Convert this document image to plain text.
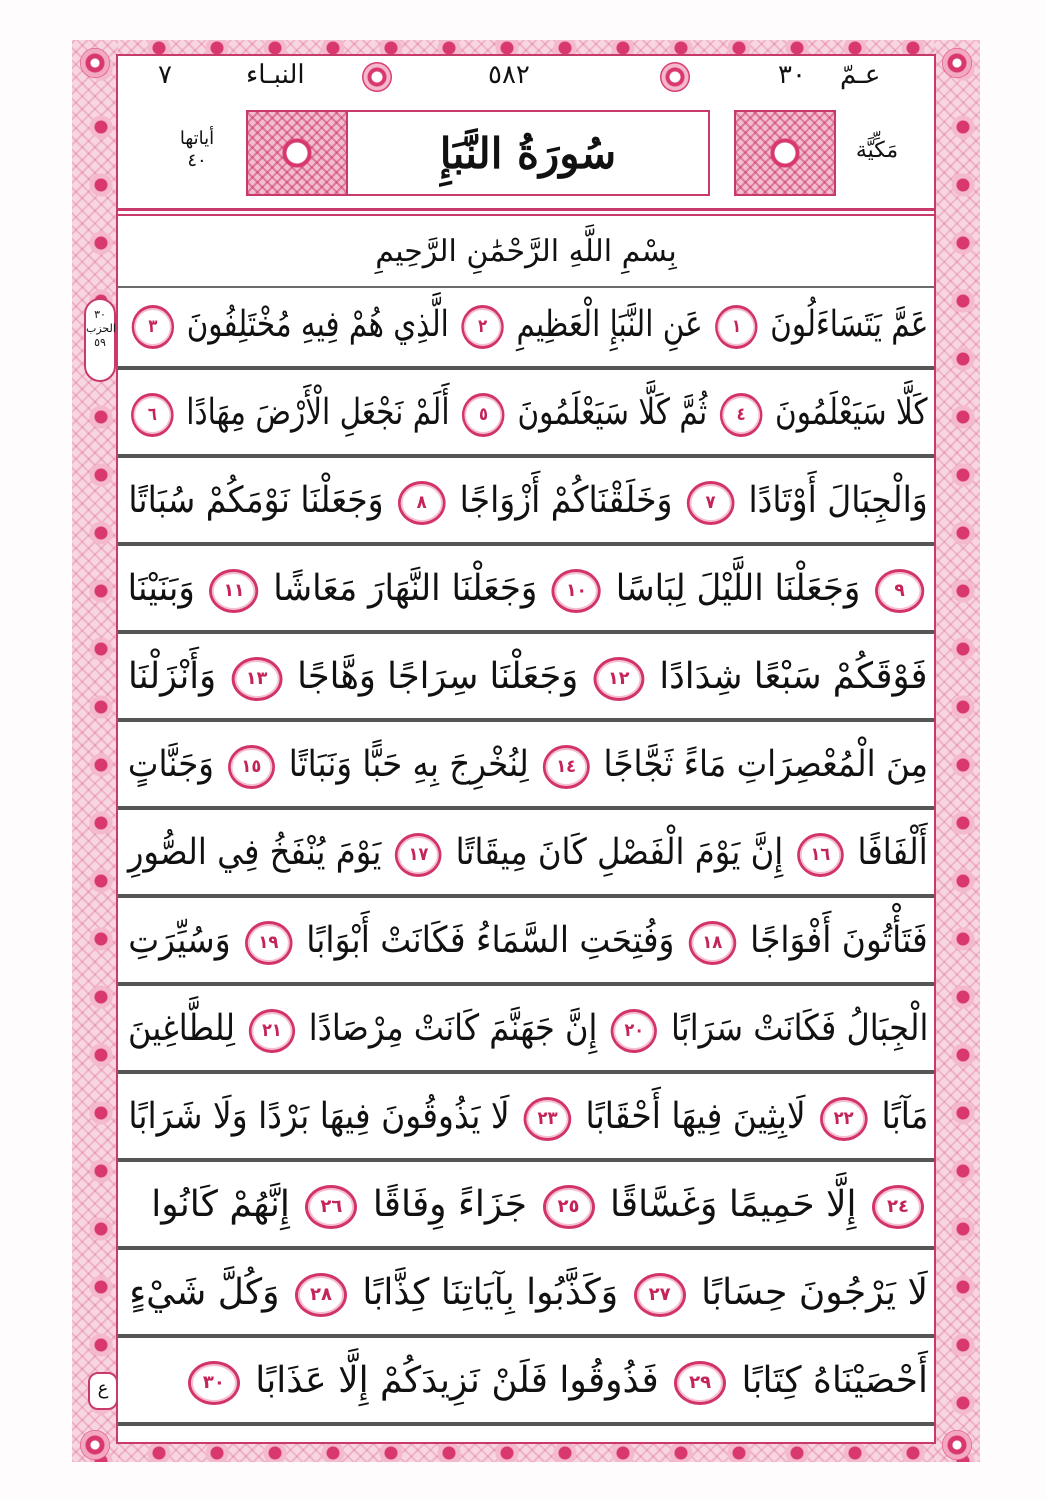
٧	النبـاء	٥٨٢	٣٠ عـمّ
أياتها
٤٠	سُورَةُ النَّبَإِ	مَكِّيَّة
بِسْمِ اللَّهِ الرَّحْمَٰنِ الرَّحِيمِ
عَمَّ يَتَسَاءَلُونَ ١ عَنِ النَّبَإِ الْعَظِيمِ ٢ الَّذِي هُمْ فِيهِ مُخْتَلِفُونَ ٣
كَلَّا سَيَعْلَمُونَ ٤ ثُمَّ كَلَّا سَيَعْلَمُونَ ٥ أَلَمْ نَجْعَلِ الْأَرْضَ مِهَادًا ٦
وَالْجِبَالَ أَوْتَادًا ٧ وَخَلَقْنَاكُمْ أَزْوَاجًا ٨ وَجَعَلْنَا نَوْمَكُمْ سُبَاتًا
٩ وَجَعَلْنَا اللَّيْلَ لِبَاسًا ١٠ وَجَعَلْنَا النَّهَارَ مَعَاشًا ١١ وَبَنَيْنَا
فَوْقَكُمْ سَبْعًا شِدَادًا ١٢ وَجَعَلْنَا سِرَاجًا وَهَّاجًا ١٣ وَأَنْزَلْنَا
مِنَ الْمُعْصِرَاتِ مَاءً ثَجَّاجًا ١٤ لِنُخْرِجَ بِهِ حَبًّا وَنَبَاتًا ١٥ وَجَنَّاتٍ
أَلْفَافًا ١٦ إِنَّ يَوْمَ الْفَصْلِ كَانَ مِيقَاتًا ١٧ يَوْمَ يُنْفَخُ فِي الصُّورِ
فَتَأْتُونَ أَفْوَاجًا ١٨ وَفُتِحَتِ السَّمَاءُ فَكَانَتْ أَبْوَابًا ١٩ وَسُيِّرَتِ
الْجِبَالُ فَكَانَتْ سَرَابًا ٢٠ إِنَّ جَهَنَّمَ كَانَتْ مِرْصَادًا ٢١ لِلطَّاغِينَ
مَآبًا ٢٢ لَابِثِينَ فِيهَا أَحْقَابًا ٢٣ لَا يَذُوقُونَ فِيهَا بَرْدًا وَلَا شَرَابًا
٢٤ إِلَّا حَمِيمًا وَغَسَّاقًا ٢٥ جَزَاءً وِفَاقًا ٢٦ إِنَّهُمْ كَانُوا
لَا يَرْجُونَ حِسَابًا ٢٧ وَكَذَّبُوا بِآيَاتِنَا كِذَّابًا ٢٨ وَكُلَّ شَيْءٍ
أَحْصَيْنَاهُ كِتَابًا ٢٩ فَذُوقُوا فَلَنْ نَزِيدَكُمْ إِلَّا عَذَابًا ٣٠
٣٠ الحزب ٥٩
ع
